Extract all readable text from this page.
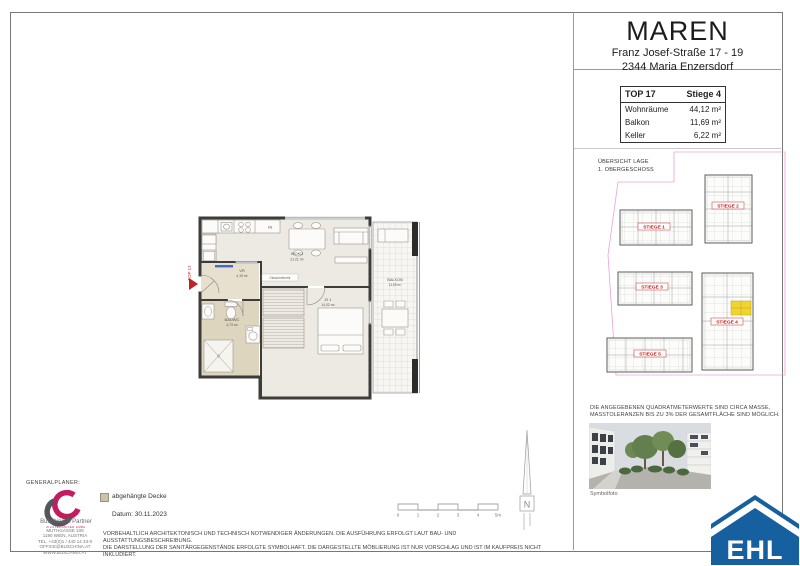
MAREN
Franz Josef-Straße 17 - 19
2344 Maria Enzersdorf
TOP 17	Stiege 4
Wohnräume	44,12 m²
Balkon	11,69 m²
Keller	6,22 m²
ÜBERSICHT LAGE
1. OBERGESCHOSS
STIEGE 1
STIEGE 2
STIEGE 3
STIEGE 4
STIEGE 5
DIE ANGEGEBENEN QUADRATMETERWERTE SIND CIRCA MASSE,
MASSTOLERANZEN BIS ZU 3% DER GESAMTFLÄCHE SIND MÖGLICH.
Symbolfoto
KB
Glasschiebetür
TOP 17
WOKÜ
21,21 m²
VR
4,19 m²
BADWC
4,73 m²
ZI 1
14,02 m²
BALKON
11,69 m²
GENERALPLANER:
Buschina & Partner
ZIVILTECHNIKER GMBH
MUTHGASSE 109
1190 WIEN, AUSTRIA
TEL. +43(0)1 / 440 14 33-0
OFFICE@BUSCHINA.AT
WWW.BUSCHINA.AT
abgehängte Decke
Datum: 30.11.2023
VORBEHALTLICH ARCHITEKTONISCH UND TECHNISCH NOTWENDIGER ÄNDERUNGEN. DIE AUSFÜHRUNG ERFOLGT LAUT BAU- UND AUSSTATTUNGSBESCHREIBUNG.
DIE DARSTELLUNG DER SANITÄRGEGENSTÄNDE ERFOLGTE SYMBOLHAFT. DIE DARGESTELLTE MÖBLIERUNG IST NUR VORSCHLAG UND IST IM KAUFPREIS NICHT INKLUDIERT.
0	1	2	3	4	5m
N
EHL
